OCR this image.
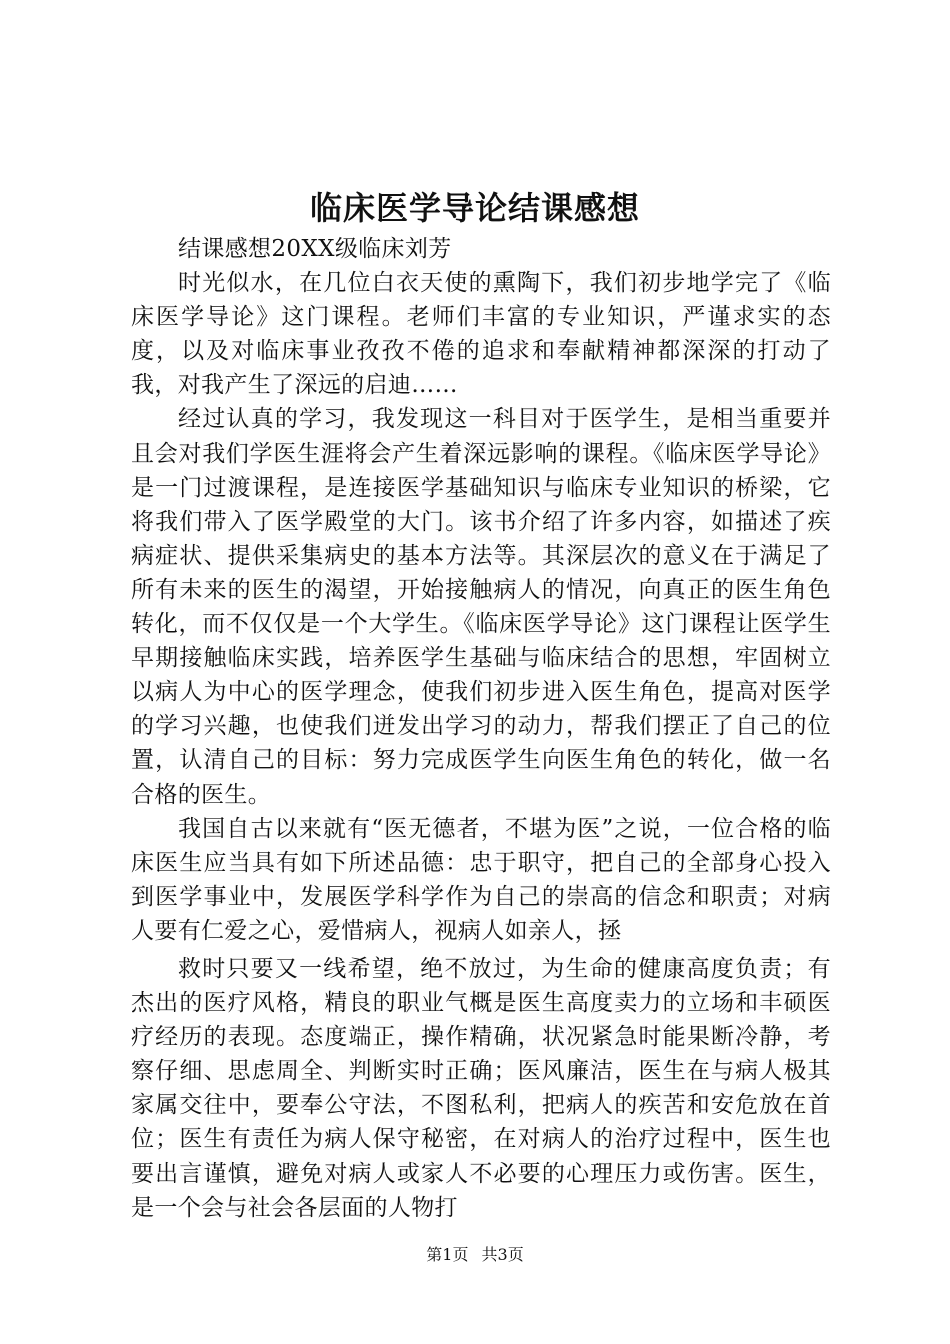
临床医学导论结课感想

结课感想20XX级临床刘芳

时光似水，在几位白衣天使的熏陶下，我们初步地学完了《临床医学导论》这门课程。老师们丰富的专业知识，严谨求实的态度，以及对临床事业孜孜不倦的追求和奉献精神都深深的打动了我，对我产生了深远的启迪……

经过认真的学习，我发现这一科目对于医学生，是相当重要并且会对我们学医生涯将会产生着深远影响的课程。《临床医学导论》是一门过渡课程，是连接医学基础知识与临床专业知识的桥梁，它将我们带入了医学殿堂的大门。该书介绍了许多内容，如描述了疾病症状、提供采集病史的基本方法等。其深层次的意义在于满足了所有未来的医生的渴望，开始接触病人的情况，向真正的医生角色转化，而不仅仅是一个大学生。《临床医学导论》这门课程让医学生早期接触临床实践，培养医学生基础与临床结合的思想，牢固树立以病人为中心的医学理念，使我们初步进入医生角色，提高对医学的学习兴趣，也使我们迸发出学习的动力，帮我们摆正了自己的位置，认清自己的目标：努力完成医学生向医生角色的转化，做一名合格的医生。

我国自古以来就有“医无德者，不堪为医”之说，一位合格的临床医生应当具有如下所述品德：忠于职守，把自己的全部身心投入到医学事业中，发展医学科学作为自己的崇高的信念和职责；对病人要有仁爱之心，爱惜病人，视病人如亲人，拯

救时只要又一线希望，绝不放过，为生命的健康高度负责；有杰出的医疗风格，精良的职业气概是医生高度卖力的立场和丰硕医疗经历的表现。态度端正，操作精确，状况紧急时能果断冷静，考察仔细、思虑周全、判断实时正确；医风廉洁，医生在与病人极其家属交往中，要奉公守法，不图私利，把病人的疾苦和安危放在首位；医生有责任为病人保守秘密，在对病人的治疗过程中，医生也要出言谨慎，避免对病人或家人不必要的心理压力或伤害。医生，是一个会与社会各层面的人物打

第1页 共3页
